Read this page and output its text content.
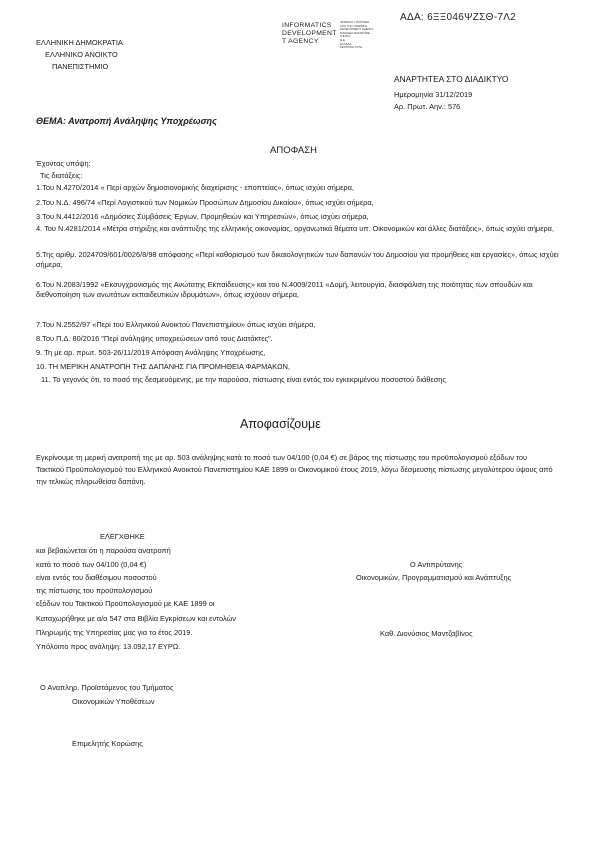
ΑΔΑ: 6ΞΞ046ΨΖΣΘ-7Λ2
ΕΛΛΗΝΙΚΗ ΔΗΜΟΚΡΑΤΙΑ
ΕΛΛΗΝΙΚΟ ΑΝΟΙΚΤΟ
ΠΑΝΕΠΙΣΤΗΜΙΟ
INFORMATICS
DEVELOPMENT
T AGENCY
ΨΗΦΙΑΚΗ ΥΠΟΓΡΑΦΗ
ΑΠΟ ΤΗΝ ΥΠΗΡΕΣΙΑ
DEVELOPMENT AGENCY
DIAVGEIA SIGNATURE
ΓΝΗΣΙΟ
Θ.Ε.
ΕΛΛΑΔΑ
ΚΕΝΤΡΙΚΗ ΠΥΛΗ
ΑΝΑΡΤΗΤΕΑ ΣΤΟ ΔΙΑΔΙΚΤΥΟ
Ημερομηνία 31/12/2019
Αρ. Πρωτ. Αην.: 576
ΘΕΜΑ: Ανατροπή Ανάληψης Υποχρέωσης
ΑΠΟΦΑΣΗ
Έχοντας υπόψη:
Τις διατάξεις:
1.Του Ν.4270/2014 « Περί αρχών δημοσιονομικής διαχείρισης - εποπτείας», όπως ισχύει σήμερα,
2.Του Ν.Δ. 496/74 «Περί Λογιστικού των Νομικών Προσώπων Δημοσίου Δικαίου», όπως ισχύει σήμερα,
3.Του Ν.4412/2016 «Δημόσιες Συμβάσεις Έργων, Προμηθειών και Υπηρεσιών», όπως ισχύει σήμερα,
4. Του Ν.4281/2014 «Μέτρα στήριξης και ανάπτυξης της ελληνικής οικονομίας, οργανωτικά θέματα υπ. Οικονομικών και άλλες διατάξεις», όπως ισχύει σήμερα,
5.Της αριθμ. 2024709/601/0026/8/98 απόφασης «Περί καθορισμού των δικαιολογητικών των δαπανών του Δημοσίου για προμήθειες και εργασίες», όπως ισχύει σήμερα,
6.Του Ν.2083/1992 «Εκσυγχρονισμός της Ανώτατης Εκπαίδευσης» και του Ν.4009/2011 «Δομή, λειτουργία, διασφάλιση της ποιότητας των σπουδών και διεθνοποίηση των ανωτάτων εκπαιδευτικών ιδρυμάτων», όπως ισχύουν σήμερα,
7.Του Ν.2552/97 «Περί του Ελληνικού Ανοικτού Πανεπιστημίου» όπως ισχύει σήμερα,
8.Του Π.Δ. 80/2016 "Περί ανάληψης υποχρεώσεων από τους Διατάκτες".
9. Τη με αρ. πρωτ. 503-26/11/2019 Απόφαση Ανάληψης Υποχρέωσης,
10. ΤΗ ΜΕΡΙΚΗ ΑΝΑΤΡΟΠΗ ΤΗΣ ΔΑΠΑΝΗΣ ΓΙΑ ΠΡΟΜΗΘΕΙΑ ΦΑΡΜΑΚΩΝ,
11. Το γεγονός ότι, το ποσό της δεσμευόμενης, με την παρούσα, πίστωσης είναι εντός του εγκεκριμένου ποσοστού διάθεσης
Αποφασίζουμε
Εγκρίνουμε τη μερική ανατροπή της με αρ. 503 ανάληψης κατά το ποσό των 04/100 (0,04 €) σε βάρος της πίστωσης του προϋπολογισμού εξόδων του Τακτικού Προϋπολογισμού του Ελληνικού Ανοικτού Πανεπιστημίου ΚΑΕ 1899 οι Οικονομικού έτους 2019, λόγω δέσμευσης πίστωσης μεγαλύτερου ύψους από την τελικώς πληρωθείσα δαπάνη.
ΕΛΕΓΧΘΗΚΕ
και βεβαιώνεται ότι η παρούσα ανατροπή
κατά το ποσό των 04/100 (0,04 €)
είναι εντός του διαθέσιμου ποσοστού
της πίστωσης του προϋπολογισμού
εξόδων του Τακτικού Προϋπολογισμού με ΚΑΕ 1899 οι
Καταχωρήθηκε με α/α 547 στα Βιβλία Εγκρίσεων και εντολών
Πληρωμής της Υπηρεσίας μας για το έτος 2019.
Υπόλοιπο προς ανάληψη: 13.092,17 ΕΥΡΩ.
Ο Αντιπρύτανης
Οικονομικών, Προγραμματισμού και Ανάπτυξης
Καθ. Διονύσιος Μαντζαβίνος
Ο Αναπληρ. Προϊστάμενος του Τμήματος
Οικονομικών Υποθέσεων
Επιμελητής Κορώσης
